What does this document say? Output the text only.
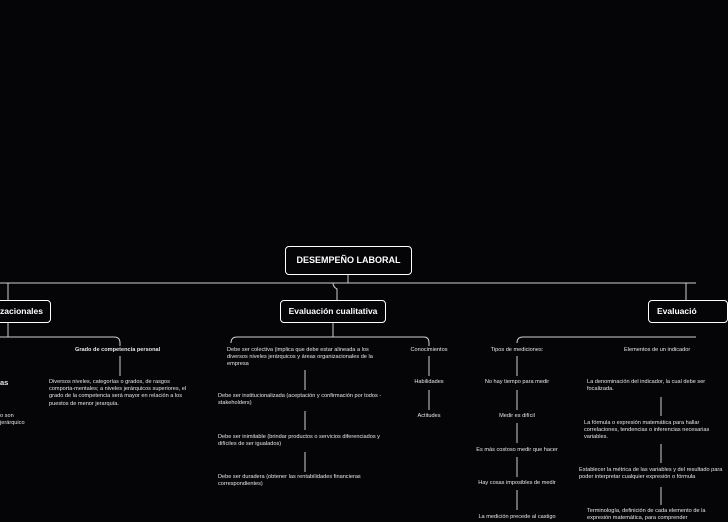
DESEMPEÑO LABORAL
zacionales	Evaluación cualitativa	Evaluació
Grado de competencia personal
Diversos niveles, categorías o grados, de rasgos comporta-mentales; a niveles jerárquicos superiores, el grado de la competencia será mayor en relación a los puestos de menor jerarquía.
as
o son
jerárquico
Debe ser colectiva (implica que debe estar alineada a los diversos niveles jerárquicos y áreas organizacionales de la empresa
Debe ser institucionalizada (aceptación y confirmación por todos - stakeholders)
Debe ser inimitable (brindar productos o servicios diferenciados y difíciles de ser igualados)
Debe ser duradera (obtener las rentabilidades financieras correspondientes)
Conocimientos
Habilidades
Actitudes
Tipos de mediciones:
No hay tiempo para medir
Medir es difícil
Es más costoso medir que hacer
Hay cosas imposibles de medir
La medición precede al castigo
Elementos de un indicador
La denominación del indicador, la cual debe ser focalizada.
La fórmula o expresión matemática para hallar correlaciones, tendencias o inferencias necesarias variables.
Establecer la métrica de las variables y del resultado para poder interpretar cualquier expresión o fórmula
Terminología, definición de cada elemento de la expresión matemática, para comprender
